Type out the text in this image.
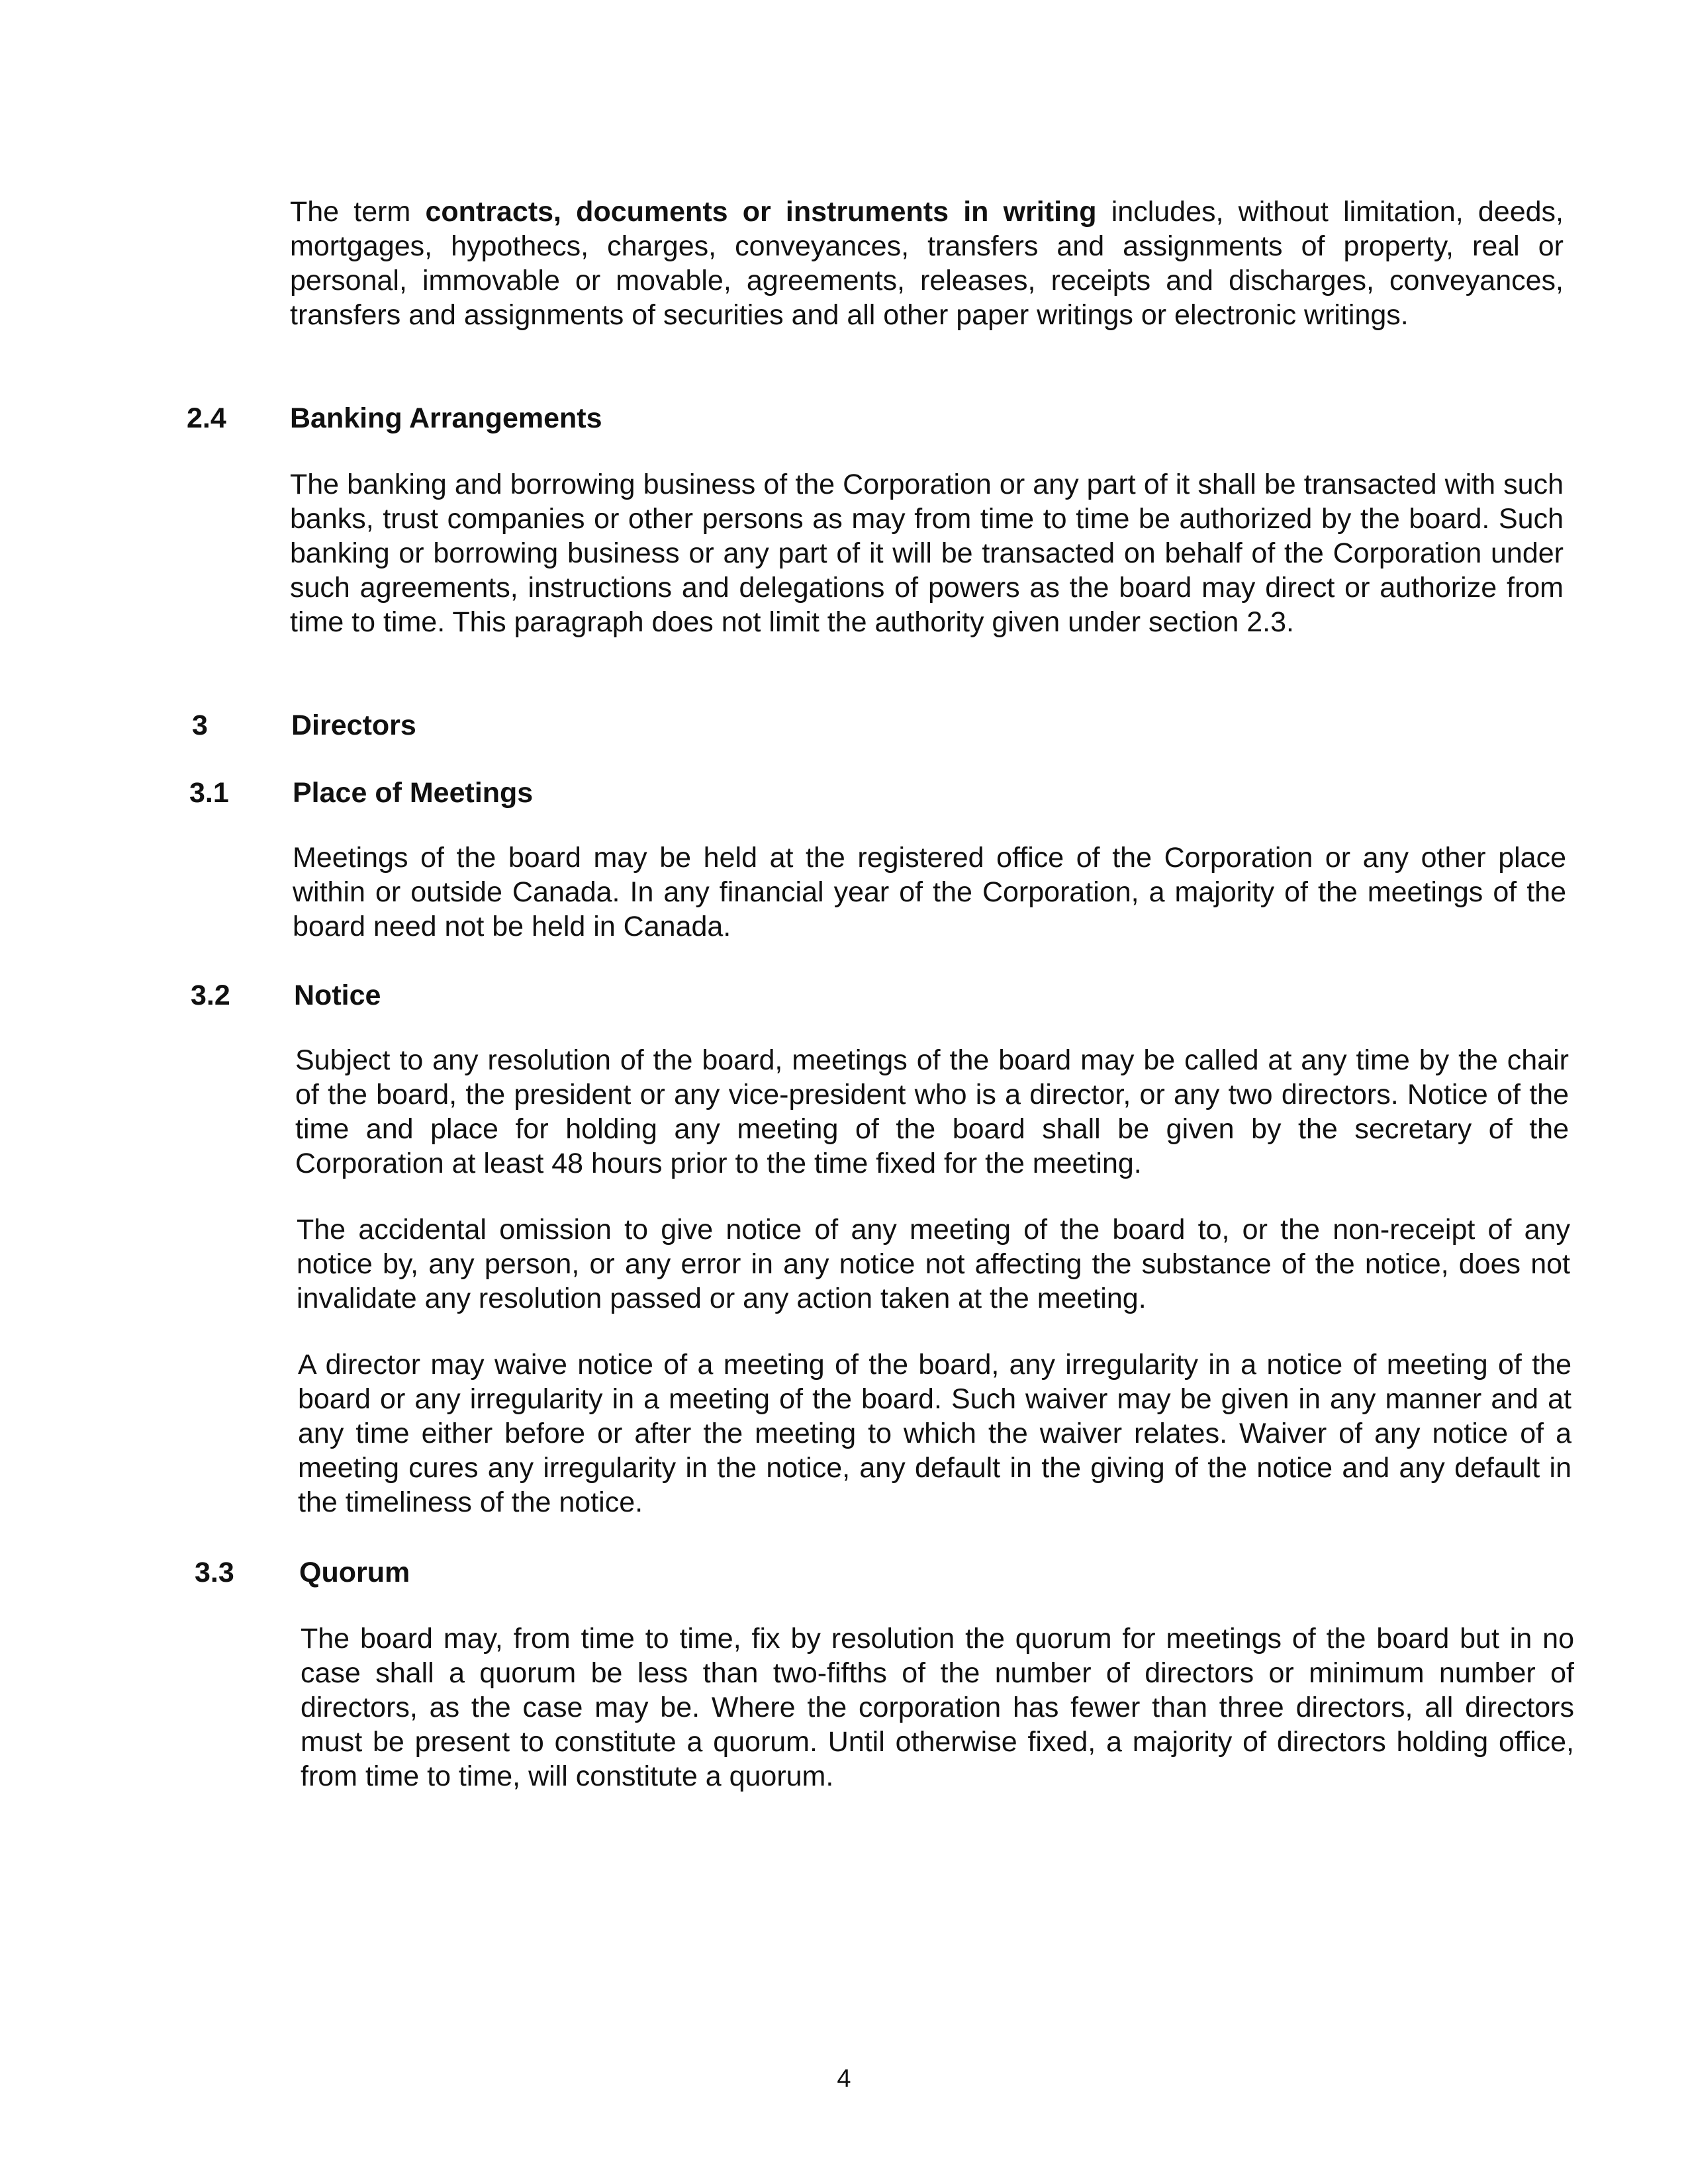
The term contracts, documents or instruments in writing includes, without limitation, deeds, mortgages, hypothecs, charges, conveyances, transfers and assignments of property, real or personal, immovable or movable, agreements, releases, receipts and discharges, conveyances, transfers and assignments of securities and all other paper writings or electronic writings.

2.4 Banking Arrangements

The banking and borrowing business of the Corporation or any part of it shall be transacted with such banks, trust companies or other persons as may from time to time be authorized by the board. Such banking or borrowing business or any part of it will be transacted on behalf of the Corporation under such agreements, instructions and delegations of powers as the board may direct or authorize from time to time. This paragraph does not limit the authority given under section 2.3.

3	Directors
3.1 Place of Meetings

Meetings of the board may be held at the registered office of the Corporation or any other place within or outside Canada. In any financial year of the Corporation, a majority of the meetings of the board need not be held in Canada.

3.2 Notice

Subject to any resolution of the board, meetings of the board may be called at any time by the chair of the board, the president or any vice-president who is a director, or any two directors. Notice of the time and place for holding any meeting of the board shall be given by the secretary of the Corporation at least 48 hours prior to the time fixed for the meeting.

The accidental omission to give notice of any meeting of the board to, or the non-receipt of any notice by, any person, or any error in any notice not affecting the substance of the notice, does not invalidate any resolution passed or any action taken at the meeting.

A director may waive notice of a meeting of the board, any irregularity in a notice of meeting of the board or any irregularity in a meeting of the board. Such waiver may be given in any manner and at any time either before or after the meeting to which the waiver relates. Waiver of any notice of a meeting cures any irregularity in the notice, any default in the giving of the notice and any default in the timeliness of the notice.

3.3 Quorum

The board may, from time to time, fix by resolution the quorum for meetings of the board but in no case shall a quorum be less than two-fifths of the number of directors or minimum number of directors, as the case may be. Where the corporation has fewer than three directors, all directors must be present to constitute a quorum. Until otherwise fixed, a majority of directors holding office, from time to time, will constitute a quorum.

4
